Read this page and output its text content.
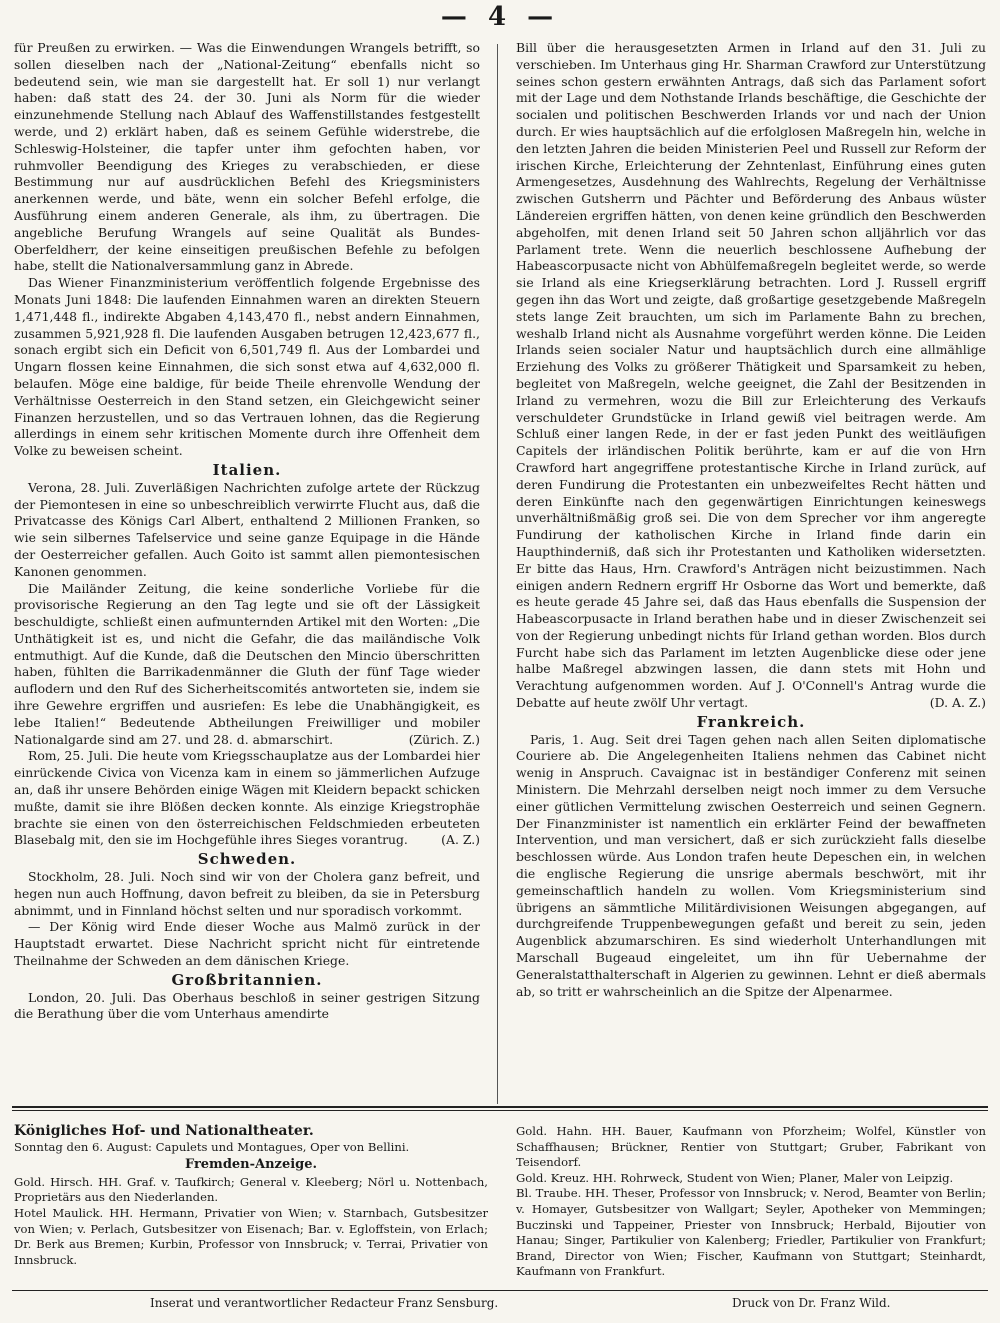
— 4 —

für Preußen zu erwirken. — Was die Einwendungen Wrangels betrifft, so sollen dieselben nach der „National-Zeitung“ ebenfalls nicht so bedeutend sein, wie man sie dargestellt hat. Er soll 1) nur verlangt haben: daß statt des 24. der 30. Juni als Norm für die wieder einzunehmende Stellung nach Ablauf des Waffenstillstandes festgestellt werde, und 2) erklärt haben, daß es seinem Gefühle widerstrebe, die Schleswig-Holsteiner, die tapfer unter ihm gefochten haben, vor ruhmvoller Beendigung des Krieges zu verabschieden, er diese Bestimmung nur auf ausdrücklichen Befehl des Kriegsministers anerkennen werde, und bäte, wenn ein solcher Befehl erfolge, die Ausführung einem anderen Generale, als ihm, zu übertragen. Die angebliche Berufung Wrangels auf seine Qualität als Bundes-Oberfeldherr, der keine einseitigen preußischen Befehle zu befolgen habe, stellt die Nationalversammlung ganz in Abrede.

Das Wiener Finanzministerium veröffentlich folgende Ergebnisse des Monats Juni 1848: Die laufenden Einnahmen waren an direkten Steuern 1,471,448 fl., indirekte Abgaben 4,143,470 fl., nebst andern Einnahmen, zusammen 5,921,928 fl. Die laufenden Ausgaben betrugen 12,423,677 fl., sonach ergibt sich ein Deficit von 6,501,749 fl. Aus der Lombardei und Ungarn flossen keine Einnahmen, die sich sonst etwa auf 4,632,000 fl. belaufen. Möge eine baldige, für beide Theile ehrenvolle Wendung der Verhältnisse Oesterreich in den Stand setzen, ein Gleichgewicht seiner Finanzen herzustellen, und so das Vertrauen lohnen, das die Regierung allerdings in einem sehr kritischen Momente durch ihre Offenheit dem Volke zu beweisen scheint.

Italien.

Verona, 28. Juli. Zuverläßigen Nachrichten zufolge artete der Rückzug der Piemontesen in eine so unbeschreiblich verwirrte Flucht aus, daß die Privatcasse des Königs Carl Albert, enthaltend 2 Millionen Franken, so wie sein silbernes Tafelservice und seine ganze Equipage in die Hände der Oesterreicher gefallen. Auch Goito ist sammt allen piemontesischen Kanonen genommen.

Die Mailänder Zeitung, die keine sonderliche Vorliebe für die provisorische Regierung an den Tag legte und sie oft der Lässigkeit beschuldigte, schließt einen aufmunternden Artikel mit den Worten: „Die Unthätigkeit ist es, und nicht die Gefahr, die das mailändische Volk entmuthigt. Auf die Kunde, daß die Deutschen den Mincio überschritten haben, fühlten die Barrikadenmänner die Gluth der fünf Tage wieder auflodern und den Ruf des Sicherheitscomités antworteten sie, indem sie ihre Gewehre ergriffen und ausriefen: Es lebe die Unabhängigkeit, es lebe Italien!“ Bedeutende Abtheilungen Freiwilliger und mobiler Nationalgarde sind am 27. und 28. d. abmarschirt.	(Zürich. Z.)

Rom, 25. Juli. Die heute vom Kriegsschauplatze aus der Lombardei hier einrückende Civica von Vicenza kam in einem so jämmerlichen Aufzuge an, daß ihr unsere Behörden einige Wägen mit Kleidern bepackt schicken mußte, damit sie ihre Blößen decken konnte. Als einzige Kriegstrophäe brachte sie einen von den österreichischen Feldschmieden erbeuteten Blasebalg mit, den sie im Hochgefühle ihres Sieges vorantrug.	(A. Z.)

Schweden.

Stockholm, 28. Juli. Noch sind wir von der Cholera ganz befreit, und hegen nun auch Hoffnung, davon befreit zu bleiben, da sie in Petersburg abnimmt, und in Finnland höchst selten und nur sporadisch vorkommt.

— Der König wird Ende dieser Woche aus Malmö zurück in der Hauptstadt erwartet. Diese Nachricht spricht nicht für eintretende Theilnahme der Schweden an dem dänischen Kriege.

Großbritannien.

London, 20. Juli. Das Oberhaus beschloß in seiner gestrigen Sitzung die Berathung über die vom Unterhaus amendirte

Bill über die herausgesetzten Armen in Irland auf den 31. Juli zu verschieben. Im Unterhaus ging Hr. Sharman Crawford zur Unterstützung seines schon gestern erwähnten Antrags, daß sich das Parlament sofort mit der Lage und dem Nothstande Irlands beschäftige, die Geschichte der socialen und politischen Beschwerden Irlands vor und nach der Union durch. Er wies hauptsächlich auf die erfolglosen Maßregeln hin, welche in den letzten Jahren die beiden Ministerien Peel und Russell zur Reform der irischen Kirche, Erleichterung der Zehntenlast, Einführung eines guten Armengesetzes, Ausdehnung des Wahlrechts, Regelung der Verhältnisse zwischen Gutsherrn und Pächter und Beförderung des Anbaus wüster Ländereien ergriffen hätten, von denen keine gründlich den Beschwerden abgeholfen, mit denen Irland seit 50 Jahren schon alljährlich vor das Parlament trete. Wenn die neuerlich beschlossene Aufhebung der Habeascorpusacte nicht von Abhülfemaßregeln begleitet werde, so werde sie Irland als eine Kriegserklärung betrachten. Lord J. Russell ergriff gegen ihn das Wort und zeigte, daß großartige gesetzgebende Maßregeln stets lange Zeit brauchten, um sich im Parlamente Bahn zu brechen, weshalb Irland nicht als Ausnahme vorgeführt werden könne. Die Leiden Irlands seien socialer Natur und hauptsächlich durch eine allmählige Erziehung des Volks zu größerer Thätigkeit und Sparsamkeit zu heben, begleitet von Maßregeln, welche geeignet, die Zahl der Besitzenden in Irland zu vermehren, wozu die Bill zur Erleichterung des Verkaufs verschuldeter Grundstücke in Irland gewiß viel beitragen werde. Am Schluß einer langen Rede, in der er fast jeden Punkt des weitläufigen Capitels der irländischen Politik berührte, kam er auf die von Hrn Crawford hart angegriffene protestantische Kirche in Irland zurück, auf deren Fundirung die Protestanten ein unbezweifeltes Recht hätten und deren Einkünfte nach den gegenwärtigen Einrichtungen keineswegs unverhältnißmäßig groß sei. Die von dem Sprecher vor ihm angeregte Fundirung der katholischen Kirche in Irland finde darin ein Haupthinderniß, daß sich ihr Protestanten und Katholiken widersetzten. Er bitte das Haus, Hrn. Crawford's Anträgen nicht beizustimmen. Nach einigen andern Rednern ergriff Hr Osborne das Wort und bemerkte, daß es heute gerade 45 Jahre sei, daß das Haus ebenfalls die Suspension der Habeascorpusacte in Irland berathen habe und in dieser Zwischenzeit sei von der Regierung unbedingt nichts für Irland gethan worden. Blos durch Furcht habe sich das Parlament im letzten Augenblicke diese oder jene halbe Maßregel abzwingen lassen, die dann stets mit Hohn und Verachtung aufgenommen worden. Auf J. O'Connell's Antrag wurde die Debatte auf heute zwölf Uhr vertagt.	(D. A. Z.)

Frankreich.

Paris, 1. Aug. Seit drei Tagen gehen nach allen Seiten diplomatische Couriere ab. Die Angelegenheiten Italiens nehmen das Cabinet nicht wenig in Anspruch. Cavaignac ist in beständiger Conferenz mit seinen Ministern. Die Mehrzahl derselben neigt noch immer zu dem Versuche einer gütlichen Vermittelung zwischen Oesterreich und seinen Gegnern. Der Finanzminister ist namentlich ein erklärter Feind der bewaffneten Intervention, und man versichert, daß er sich zurückzieht falls dieselbe beschlossen würde. Aus London trafen heute Depeschen ein, in welchen die englische Regierung die unsrige abermals beschwört, mit ihr gemeinschaftlich handeln zu wollen. Vom Kriegsministerium sind übrigens an sämmtliche Militärdivisionen Weisungen abgegangen, auf durchgreifende Truppenbewegungen gefaßt und bereit zu sein, jeden Augenblick abzumarschiren. Es sind wiederholt Unterhandlungen mit Marschall Bugeaud eingeleitet, um ihn für Uebernahme der Generalstatthalterschaft in Algerien zu gewinnen. Lehnt er dieß abermals ab, so tritt er wahrscheinlich an die Spitze der Alpenarmee.

Königliches Hof- und Nationaltheater.

Sonntag den 6. August: Capulets und Montagues, Oper von Bellini.

Fremden-Anzeige.

Gold. Hirsch. HH. Graf. v. Taufkirch; General v. Kleeberg; Nörl u. Nottenbach, Proprietärs aus den Niederlanden.

Hotel Maulick. HH. Hermann, Privatier von Wien; v. Starnbach, Gutsbesitzer von Wien; v. Perlach, Gutsbesitzer von Eisenach; Bar. v. Egloffstein, von Erlach; Dr. Berk aus Bremen; Kurbin, Professor von Innsbruck; v. Terrai, Privatier von Innsbruck.

Gold. Hahn. HH. Bauer, Kaufmann von Pforzheim; Wolfel, Künstler von Schaffhausen; Brückner, Rentier von Stuttgart; Gruber, Fabrikant von Teisendorf.

Gold. Kreuz. HH. Rohrweck, Student von Wien; Planer, Maler von Leipzig.

Bl. Traube. HH. Theser, Professor von Innsbruck; v. Nerod, Beamter von Berlin; v. Homayer, Gutsbesitzer von Wallgart; Seyler, Apotheker von Memmingen; Buczinski und Tappeiner, Priester von Innsbruck; Herbald, Bijoutier von Hanau; Singer, Partikulier von Kalenberg; Friedler, Partikulier von Frankfurt; Brand, Director von Wien; Fischer, Kaufmann von Stuttgart; Steinhardt, Kaufmann von Frankfurt.

Inserat und verantwortlicher Redacteur Franz Sensburg.	Druck von Dr. Franz Wild.
